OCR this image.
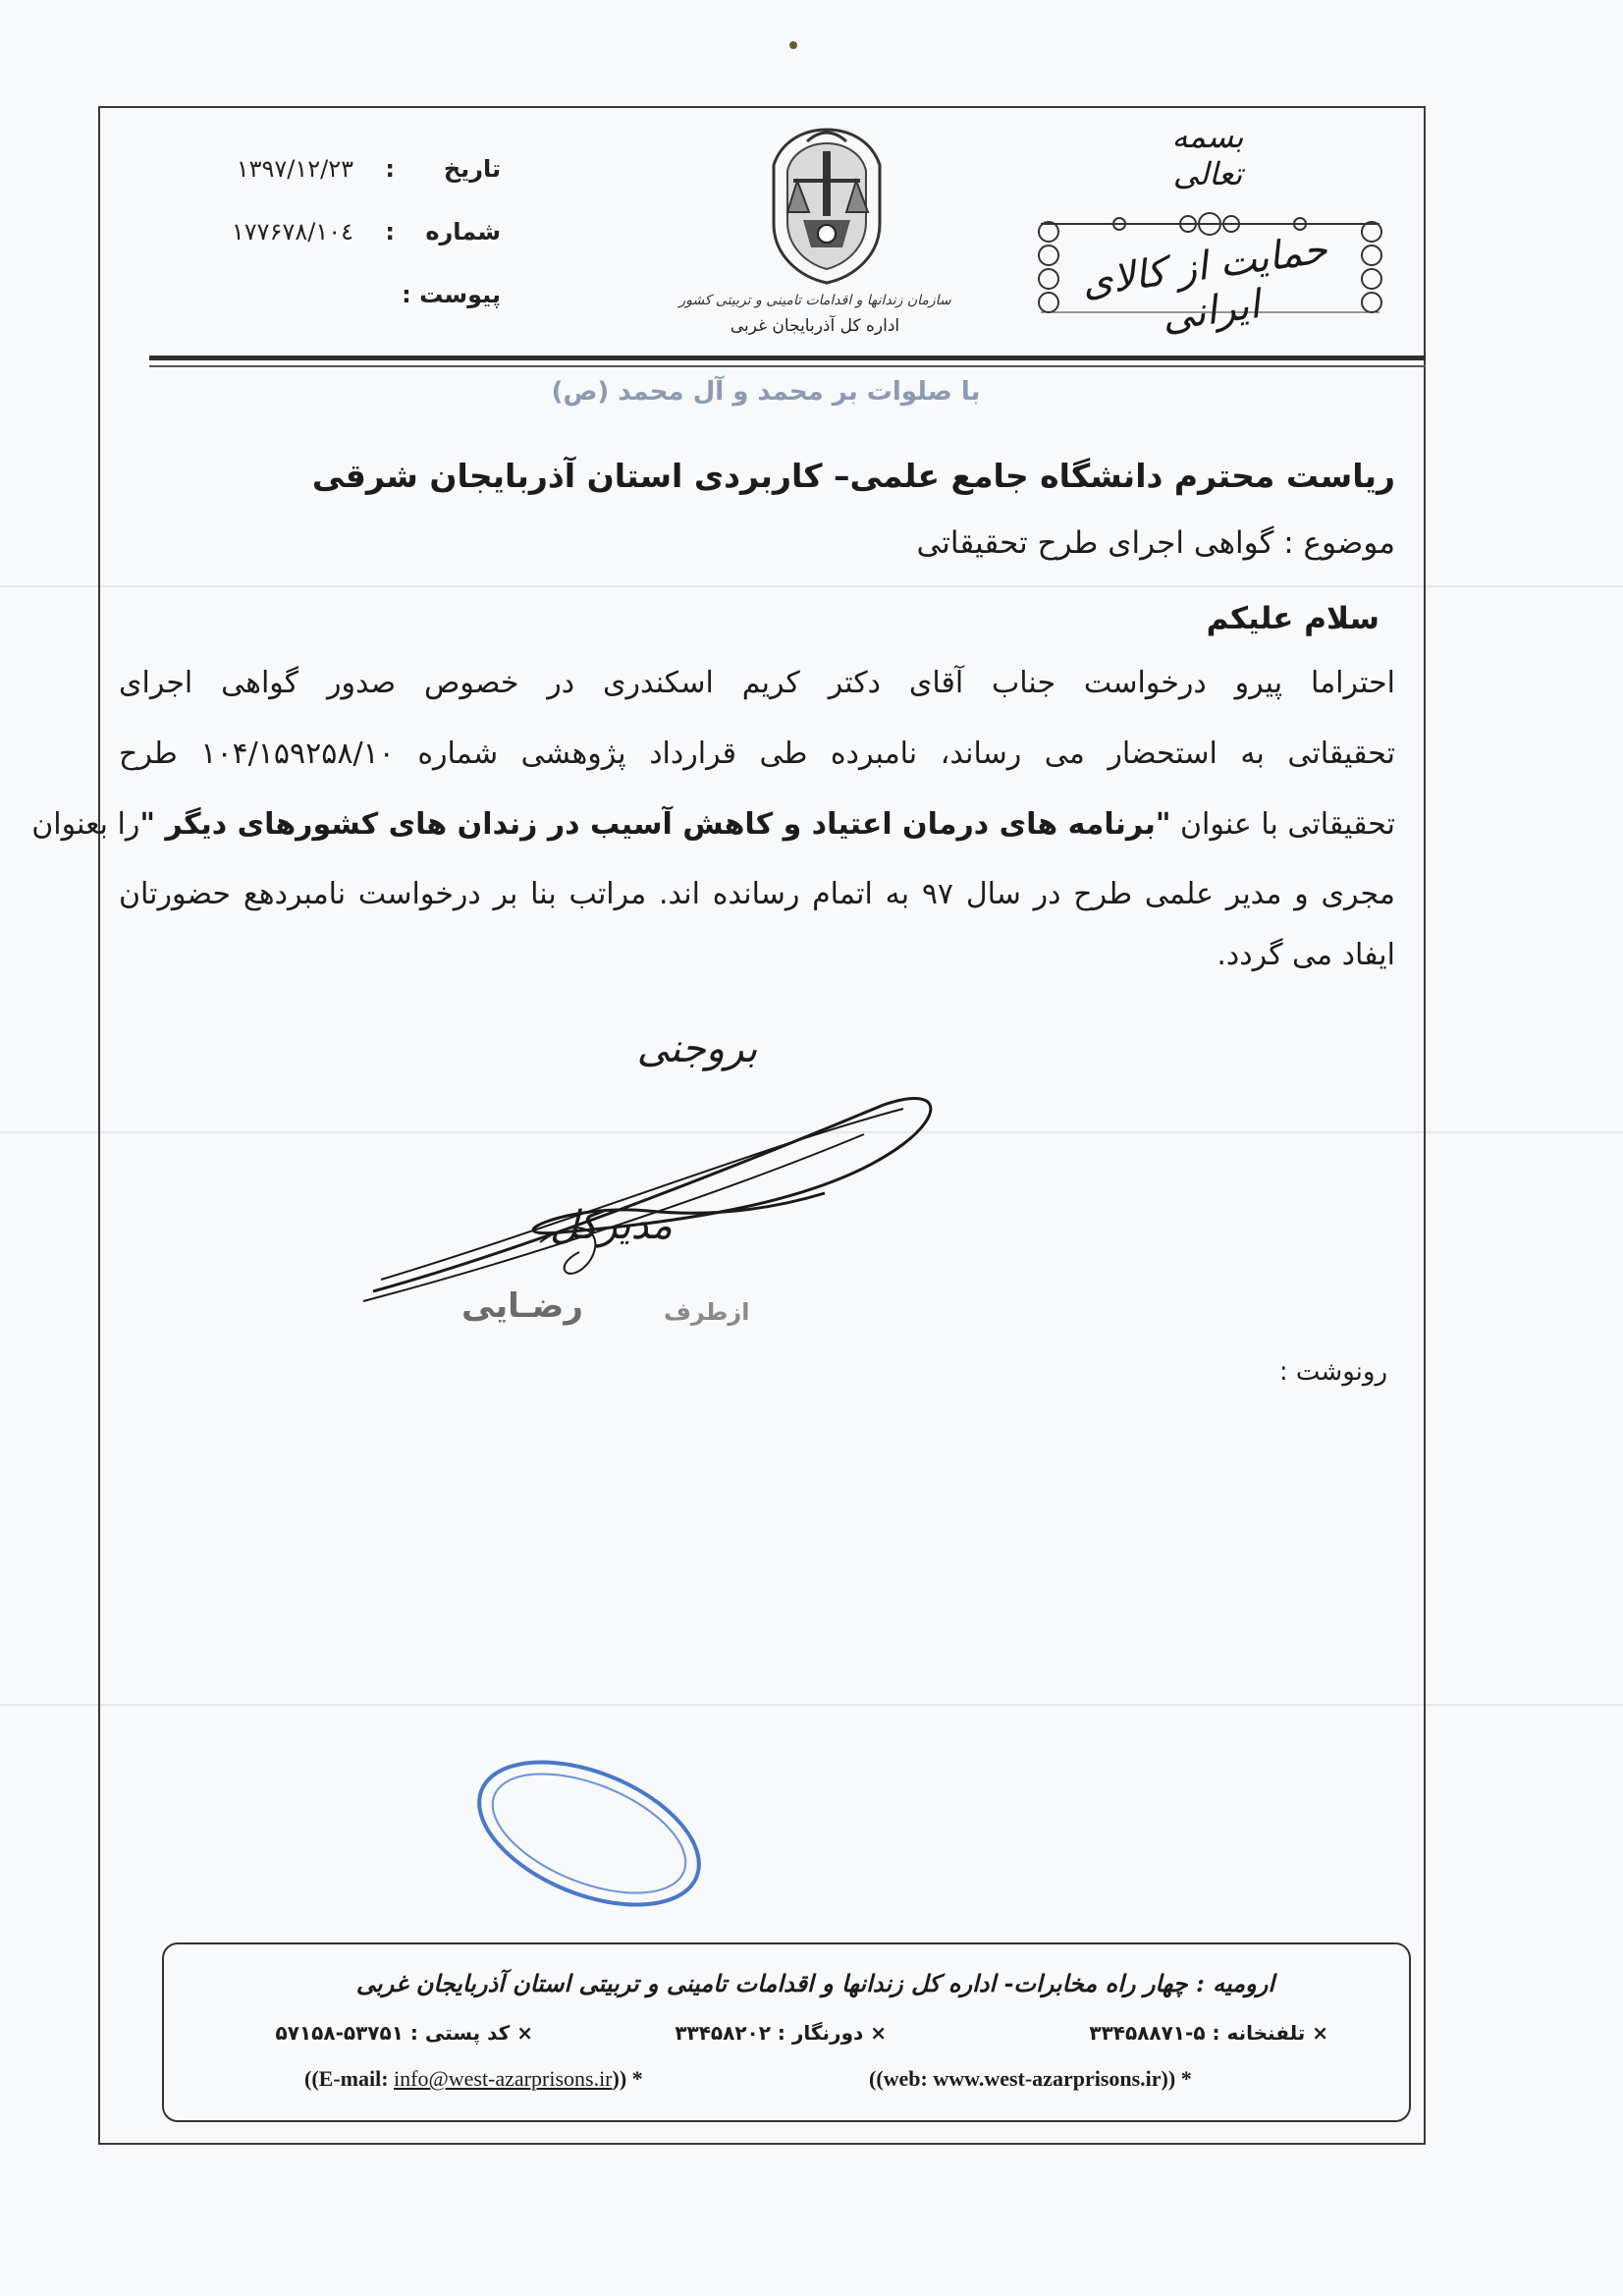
تاریخ
:
۱۳۹۷/۱۲/۲۳
شماره
:
۱۰٤/۱۷۷۶۷۸
پیوست :	سازمان زندانها و اقدامات تامینی و تربیتی کشور
اداره کل آذربایجان غربی
بسمه تعالی
حمایت از کالای ایرانی
با صلوات بر محمد و آل محمد (ص)
ریاست محترم دانشگاه جامع علمی– کاربردی استان آذربایجان شرقی
موضوع : گواهی اجرای طرح تحقیقاتی
سلام علیکم
احتراما پیرو درخواست جناب آقای دکتر کریم اسکندری در خصوص صدور گواهی اجرای
تحقیقاتی به استحضار می رساند، نامبرده طی قرارداد پژوهشی شماره ۱۰۴/۱۵۹۲۵۸/۱۰ طرح
تحقیقاتی با عنوان "برنامه های درمان اعتیاد و کاهش آسیب در زندان های کشورهای دیگر "را بعنوان
مجری و مدیر علمی طرح در سال ۹۷ به اتمام رسانده اند. مراتب بنا بر درخواست نامبردهع حضورتان
ایفاد می گردد.
بروجنی
مدیرکل
رضـایی	ازطرف
رونوشت :
ارومیه : چهار راه مخابرات- اداره کل زندانها و اقدامات تامینی و تربیتی استان آذربایجان غربی
× تلفنخانه : ۵-۳۳۴۵۸۸۷۱
× دورنگار : ۳۳۴۵۸۲۰۲
× کد پستی : ۵۳۷۵۱-۵۷۱۵۸
((web: www.west-azarprisons.ir)) *
((E-mail: info@west-azarprisons.ir)) *
